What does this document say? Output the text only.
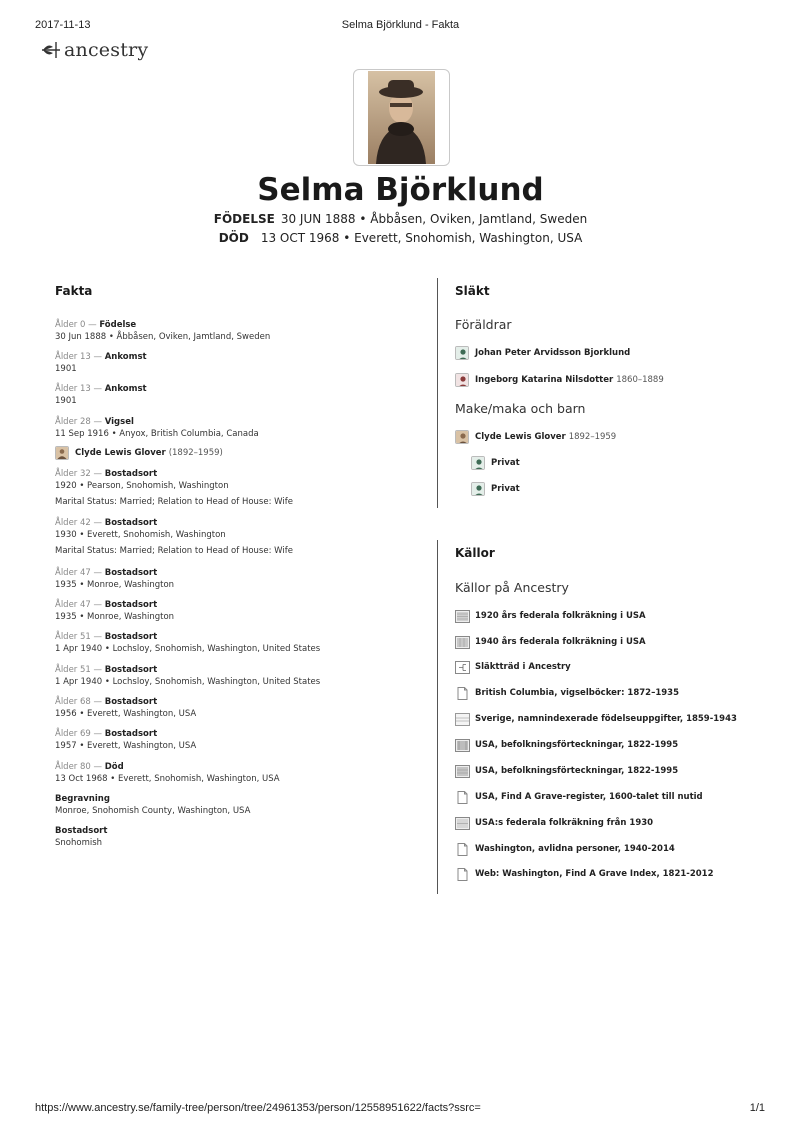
2017-11-13	Selma Björklund - Fakta
ancestry
Selma Björklund
FÖDELSE 30 JUN 1888 • Åbbåsen, Oviken, Jamtland, Sweden
DÖD 13 OCT 1968 • Everett, Snohomish, Washington, USA
Fakta
Ålder 0 — Födelse
30 Jun 1888 • Åbbåsen, Oviken, Jamtland, Sweden
Ålder 13 — Ankomst
1901
Ålder 13 — Ankomst
1901
Ålder 28 — Vigsel
11 Sep 1916 • Anyox, British Columbia, Canada
Clyde Lewis Glover (1892–1959)
Ålder 32 — Bostadsort
1920 • Pearson, Snohomish, Washington
Marital Status: Married; Relation to Head of House: Wife
Ålder 42 — Bostadsort
1930 • Everett, Snohomish, Washington
Marital Status: Married; Relation to Head of House: Wife
Ålder 47 — Bostadsort
1935 • Monroe, Washington
Ålder 47 — Bostadsort
1935 • Monroe, Washington
Ålder 51 — Bostadsort
1 Apr 1940 • Lochsloy, Snohomish, Washington, United States
Ålder 51 — Bostadsort
1 Apr 1940 • Lochsloy, Snohomish, Washington, United States
Ålder 68 — Bostadsort
1956 • Everett, Washington, USA
Ålder 69 — Bostadsort
1957 • Everett, Washington, USA
Ålder 80 — Död
13 Oct 1968 • Everett, Snohomish, Washington, USA
Begravning
Monroe, Snohomish County, Washington, USA
Bostadsort
Snohomish
Släkt
Föräldrar
Johan Peter Arvidsson Bjorklund
Ingeborg Katarina Nilsdotter 1860–1889
Make/maka och barn
Clyde Lewis Glover 1892–1959
Privat
Privat
Källor
Källor på Ancestry
1920 års federala folkräkning i USA
1940 års federala folkräkning i USA
Släktträd i Ancestry
British Columbia, vigselböcker: 1872–1935
Sverige, namnindexerade födelseuppgifter, 1859-1943
USA, befolkningsförteckningar, 1822-1995
USA, befolkningsförteckningar, 1822-1995
USA, Find A Grave-register, 1600-talet till nutid
USA:s federala folkräkning från 1930
Washington, avlidna personer, 1940-2014
Web: Washington, Find A Grave Index, 1821-2012
https://www.ancestry.se/family-tree/person/tree/24961353/person/12558951622/facts?ssrc=	1/1
